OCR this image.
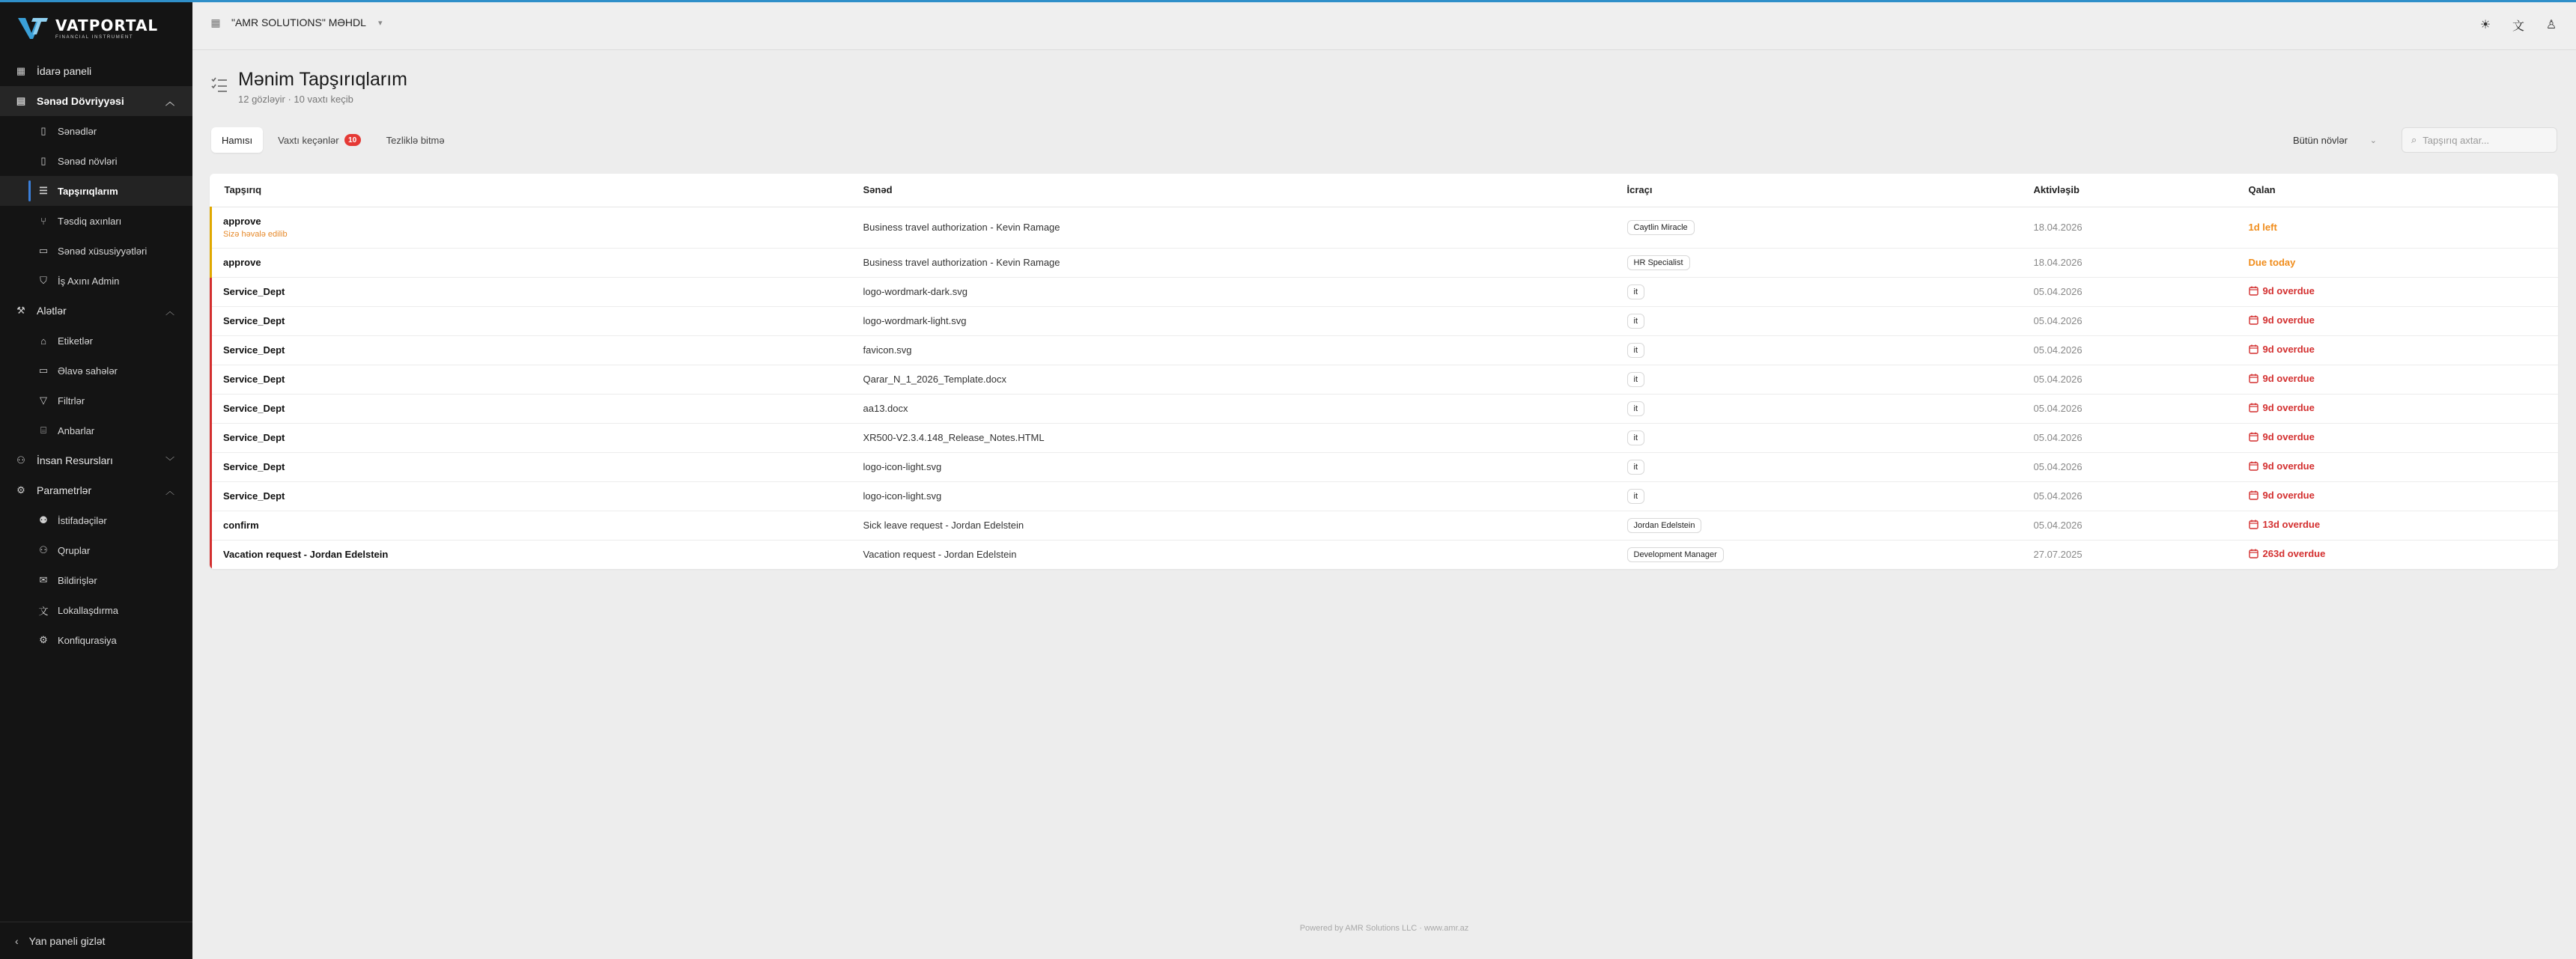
VATPORTAL
FINANCIAL INSTRUMENT
▦ İdarə paneli
▤ Sənəd Dövriyyəsi	︿
▯	Sənədlər
▯	Sənəd növləri
☰ Tapşırıqlarım
⑂	Təsdiq axınları
▭ Sənəd xüsusiyyətləri
⛉ İş Axını Admin
⚒ Alətlər	︿
⌂	Etiketlər
▭ Əlavə sahələr
▽ Filtrlər
⌸	Anbarlar
⚇ İnsan Resursları	﹀
⚙ Parametrlər	︿
⚉ İstifadəçilər
⚇ Qruplar
✉ Bildirişlər
文 Lokallaşdırma
⚙ Konfiqurasiya
‹ Yan paneli gizlət
▦ "AMR SOLUTIONS" MƏHDL ▾	☀ 文 ♙
Mənim Tapşırıqlarım
12 gözləyir · 10 vaxtı keçib
Hamısı	Vaxtı keçənlər	10	Tezliklə bitmə	Bütün növlər	⌄	⌕
Tapşırıq axtar...
Tapşırıq	Sənəd	İcraçı	Aktivləşib	Qalan

approve
Sizə həvalə edilib	Business travel authorization - Kevin Ramage	Caytlin Miracle	18.04.2026	1d left

approve	Business travel authorization - Kevin Ramage	HR Specialist	18.04.2026	Due today

Service_Dept	logo-wordmark-dark.svg	it	05.04.2026	9d overdue

Service_Dept	logo-wordmark-light.svg	it	05.04.2026	9d overdue

Service_Dept	favicon.svg	it	05.04.2026	9d overdue

Service_Dept	Qarar_N_1_2026_Template.docx	it	05.04.2026	9d overdue

Service_Dept	aa13.docx	it	05.04.2026	9d overdue

Service_Dept	XR500-V2.3.4.148_Release_Notes.HTML	it	05.04.2026	9d overdue

Service_Dept	logo-icon-light.svg	it	05.04.2026	9d overdue

Service_Dept	logo-icon-light.svg	it	05.04.2026	9d overdue

confirm	Sick leave request - Jordan Edelstein	Jordan Edelstein	05.04.2026	13d overdue

Vacation request - Jordan Edelstein	Vacation request - Jordan Edelstein	Development Manager	27.07.2025	263d overdue
Powered by AMR Solutions LLC · www.amr.az
